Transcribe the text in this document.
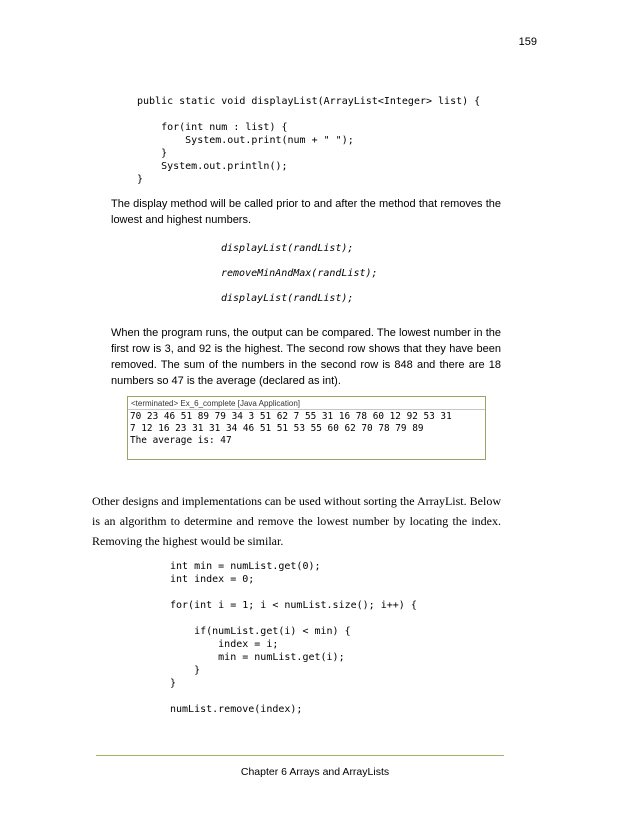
159
public static void displayList(ArrayList<Integer> list) {

for(int num : list) {
System.out.print(num + " ");
}
System.out.println();
}

The display method will be called prior to and after the method that removes the lowest and highest numbers.

displayList(randList);
removeMinAndMax(randList);
displayList(randList);

When the program runs, the output can be compared. The lowest number in the first row is 3, and 92 is the highest. The second row shows that they have been removed. The sum of the numbers in the second row is 848 and there are 18 numbers so 47 is the average (declared as int).

<terminated> Ex_6_complete [Java Application]
70 23 46 51 89 79 34 3 51 62 7 55 31 16 78 60 12 92 53 31
7 12 16 23 31 31 34 46 51 51 53 55 60 62 70 78 79 89
The average is: 47

Other designs and implementations can be used without sorting the ArrayList. Below is an algorithm to determine and remove the lowest number by locating the index. Removing the highest would be similar.

int min = numList.get(0);
int index = 0;

for(int i = 1; i < numList.size(); i++) {

if(numList.get(i) < min) {
index = i;
min = numList.get(i);
}
}

numList.remove(index);
Chapter 6 Arrays and ArrayLists
